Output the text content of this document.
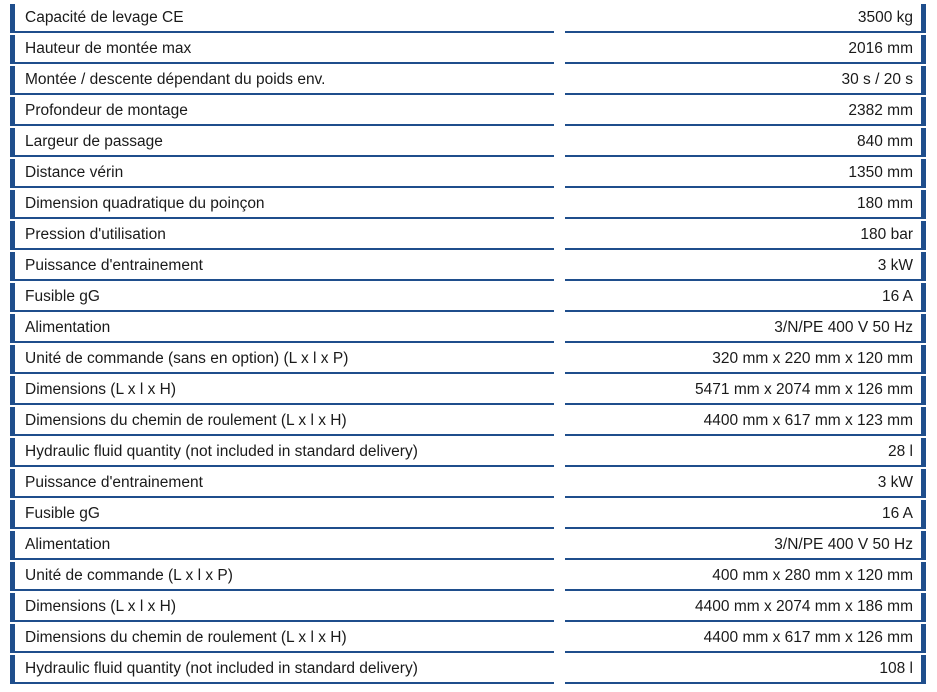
Capacité de levage CE	3500 kg
Hauteur de montée max	2016 mm
Montée / descente dépendant du poids env.	30 s / 20 s
Profondeur de montage	2382 mm
Largeur de passage	840 mm
Distance vérin	1350 mm
Dimension quadratique du poinçon	180 mm
Pression d'utilisation	180 bar
Puissance d'entrainement	3 kW
Fusible gG	16 A
Alimentation	3/N/PE 400 V 50 Hz
Unité de commande (sans en option) (L x l x P)	320 mm x 220 mm x 120 mm
Dimensions (L x l x H)	5471 mm x 2074 mm x 126 mm
Dimensions du chemin de roulement (L x l x H)	4400 mm x 617 mm x 123 mm
Hydraulic fluid quantity (not included in standard delivery)	28 l
Puissance d'entrainement	3 kW
Fusible gG	16 A
Alimentation	3/N/PE 400 V 50 Hz
Unité de commande (L x l x P)	400 mm x 280 mm x 120 mm
Dimensions (L x l x H)	4400 mm x 2074 mm x 186 mm
Dimensions du chemin de roulement (L x l x H)	4400 mm x 617 mm x 126 mm
Hydraulic fluid quantity (not included in standard delivery)	108 l
